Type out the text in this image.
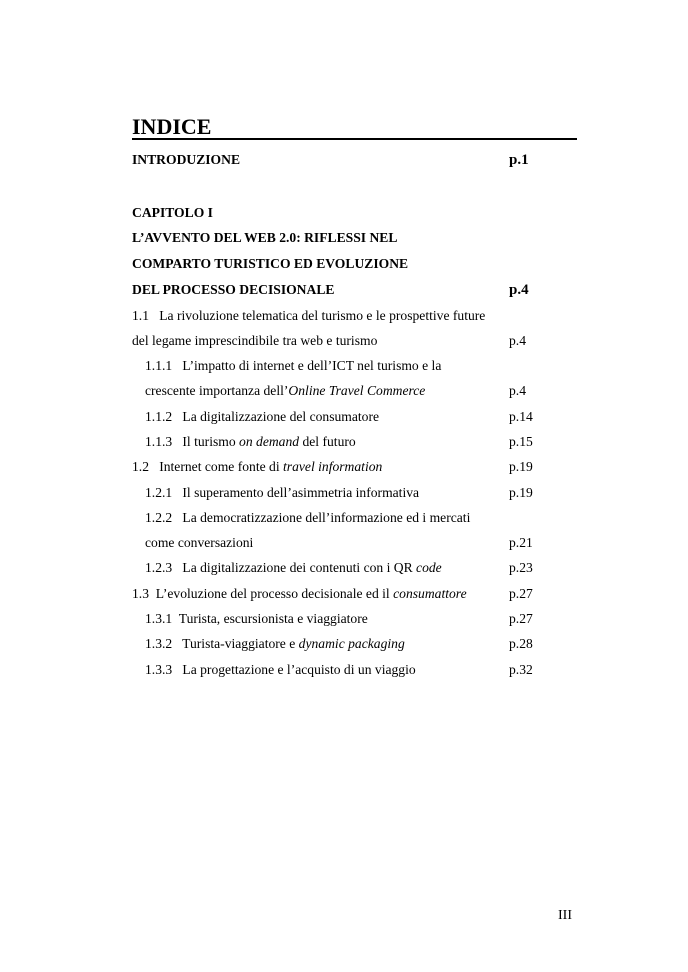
INDICE
INTRODUZIONE	p.1
CAPITOLO I
L’AVVENTO DEL WEB 2.0: RIFLESSI NEL
COMPARTO TURISTICO ED EVOLUZIONE
DEL PROCESSO DECISIONALE	p.4
1.1 La rivoluzione telematica del turismo e le prospettive future
del legame imprescindibile tra web e turismo	p.4
1.1.1 L’impatto di internet e dell’ICT nel turismo e la
crescente importanza dell’Online Travel Commerce	p.4
1.1.2 La digitalizzazione del consumatore	p.14
1.1.3 Il turismo on demand del futuro	p.15
1.2 Internet come fonte di travel information	p.19
1.2.1 Il superamento dell’asimmetria informativa	p.19
1.2.2 La democratizzazione dell’informazione ed i mercati
come conversazioni	p.21
1.2.3 La digitalizzazione dei contenuti con i QR code	p.23
1.3 L’evoluzione del processo decisionale ed il consumattore	p.27
1.3.1 Turista, escursionista e viaggiatore	p.27
1.3.2 Turista-viaggiatore e dynamic packaging	p.28
1.3.3 La progettazione e l’acquisto di un viaggio	p.32
III
